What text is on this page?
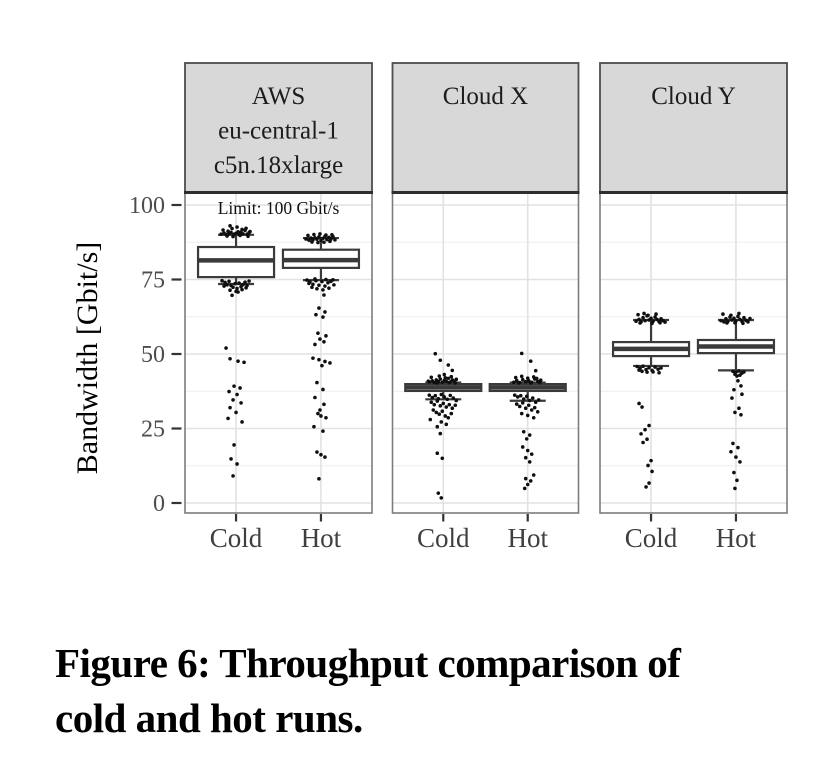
Bandwidth [Gbit/s]
0
25
50
75
100
AWS
eu-central-1
c5n.18xlarge
Limit: 100 Gbit/s
Cold Hot
Cloud X
Cold Hot
Cloud Y
Cold Hot
Figure 6: Throughput comparison of
cold and hot runs.
